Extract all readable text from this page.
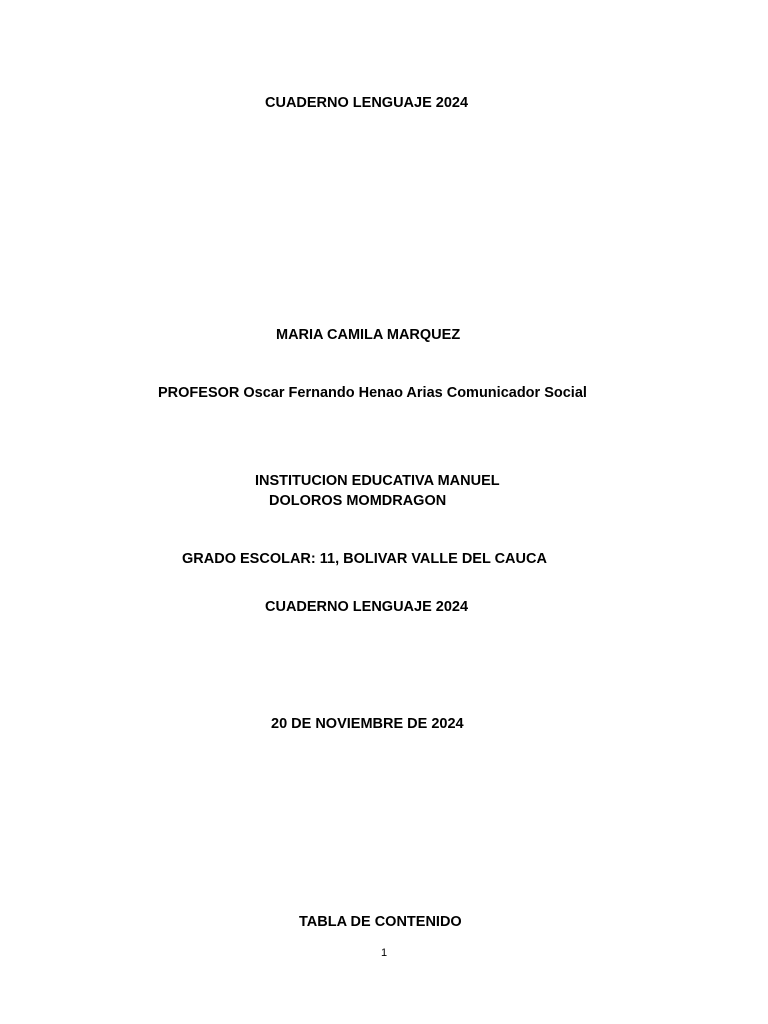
CUADERNO LENGUAJE 2024
MARIA CAMILA MARQUEZ
PROFESOR Oscar Fernando Henao Arias Comunicador Social
INSTITUCION EDUCATIVA MANUEL
DOLOROS MOMDRAGON
GRADO ESCOLAR: 11, BOLIVAR VALLE DEL CAUCA
CUADERNO LENGUAJE 2024
20 DE NOVIEMBRE DE 2024
TABLA DE CONTENIDO
1
